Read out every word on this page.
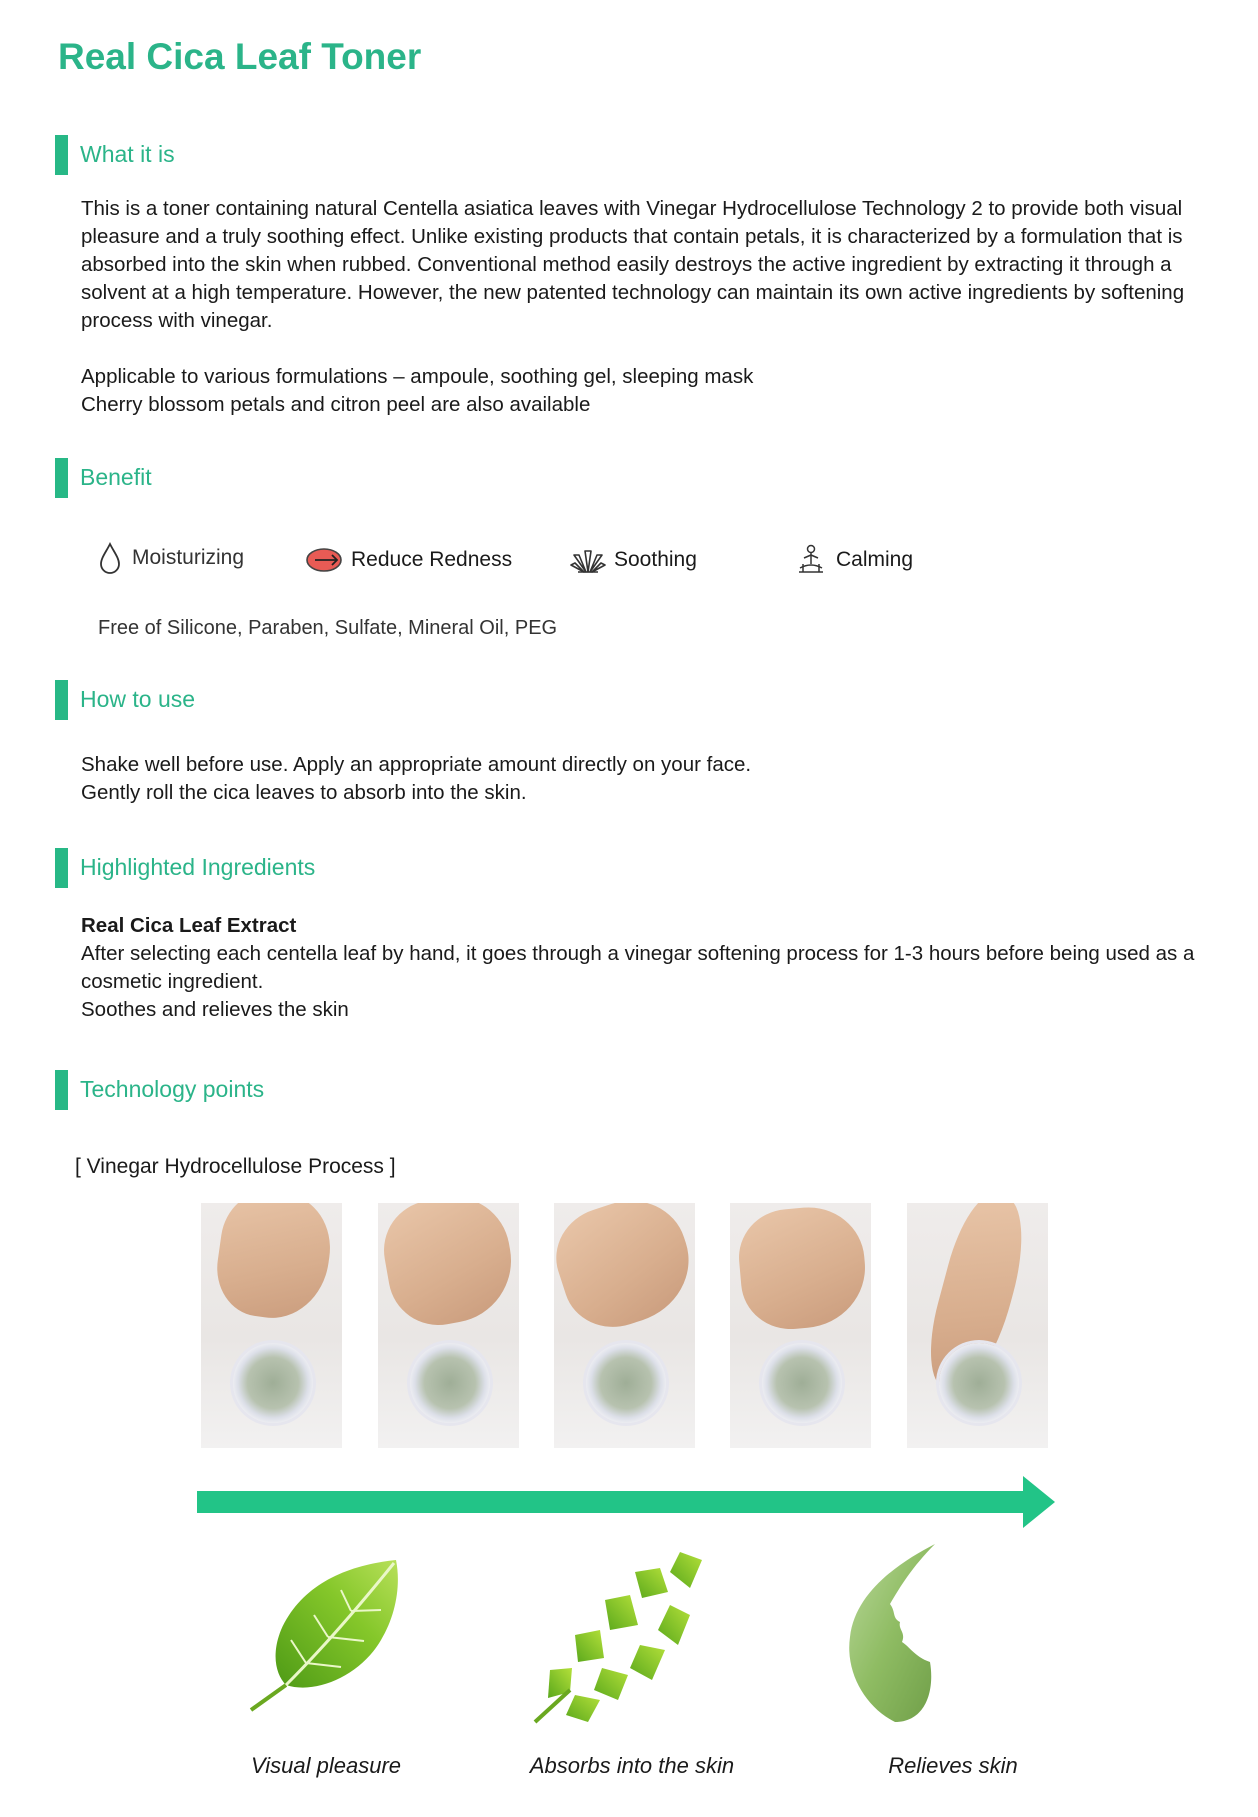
Real Cica Leaf Toner
What it is

This is a toner containing natural Centella asiatica leaves with Vinegar Hydrocellulose Technology 2 to provide both visual pleasure and a truly soothing effect. Unlike existing products that contain petals, it is characterized by a formulation that is absorbed into the skin when rubbed. Conventional method easily destroys the active ingredient by extracting it through a solvent at a high temperature. However, the new patented technology can maintain its own active ingredients by softening process with vinegar.

Applicable to various formulations – ampoule, soothing gel, sleeping mask

Cherry blossom petals and citron peel are also available

Benefit
Moisturizing	Reduce Redness	Soothing	Calming
Free of Silicone, Paraben, Sulfate, Mineral Oil, PEG
How to use

Shake well before use. Apply an appropriate amount directly on your face.

Gently roll the cica leaves to absorb into the skin.

Highlighted Ingredients

Real Cica Leaf Extract

After selecting each centella leaf by hand, it goes through a vinegar softening process for 1-3 hours before being used as a cosmetic ingredient.

Soothes and relieves the skin

Technology points
[ Vinegar Hydrocellulose Process ]
Visual pleasure	Absorbs into the skin	Relieves skin
